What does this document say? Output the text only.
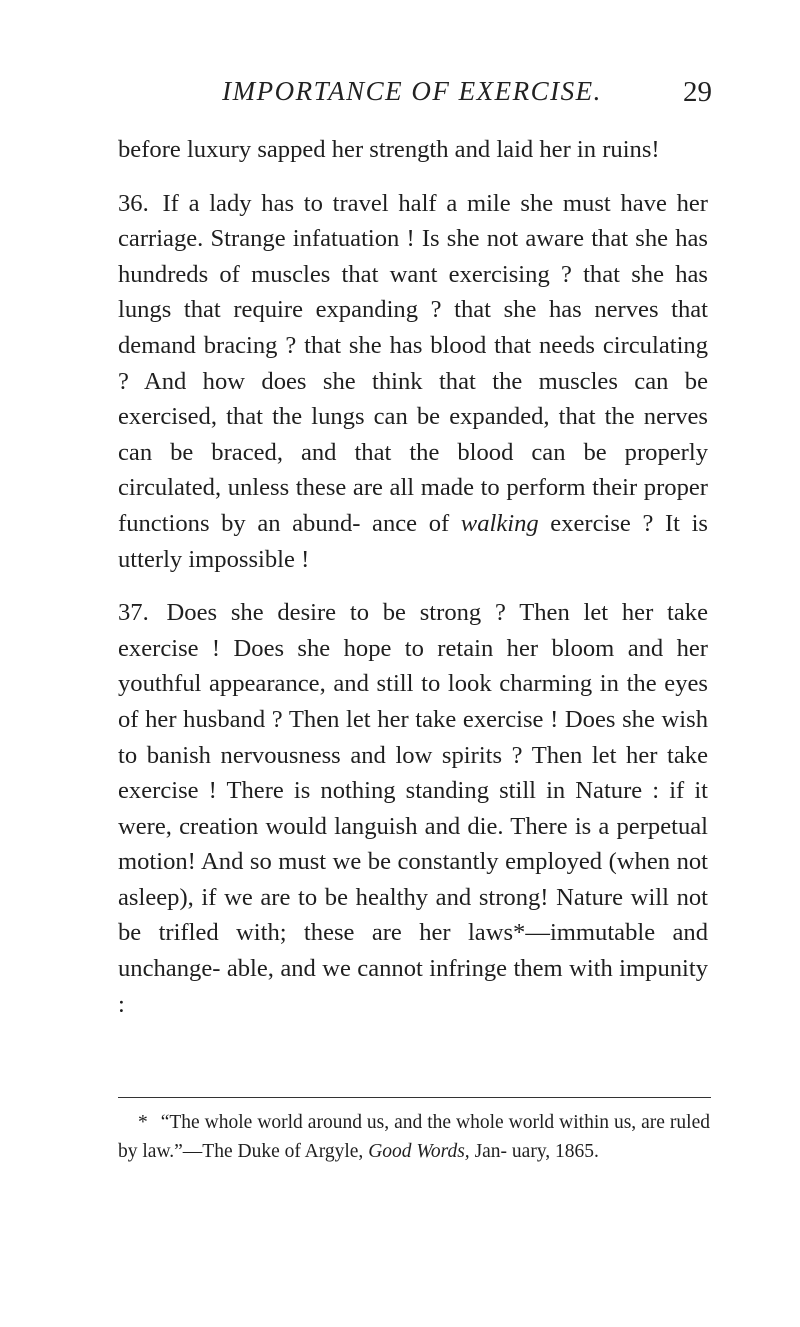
IMPORTANCE OF EXERCISE.	29

before luxury sapped her strength and laid her in ruins!

36. If a lady has to travel half a mile she must have her carriage. Strange infatuation ! Is she not aware that she has hundreds of muscles that want exercising ? that she has lungs that require expanding ? that she has nerves that demand bracing ? that she has blood that needs circulating ? And how does she think that the muscles can be exercised, that the lungs can be expanded, that the nerves can be braced, and that the blood can be properly circulated, unless these are all made to perform their proper functions by an abund- ance of walking exercise ? It is utterly impossible !

37. Does she desire to be strong ? Then let her take exercise ! Does she hope to retain her bloom and her youthful appearance, and still to look charming in the eyes of her husband ? Then let her take exercise ! Does she wish to banish nervousness and low spirits ? Then let her take exercise ! There is nothing standing still in Nature : if it were, creation would languish and die. There is a perpetual motion! And so must we be constantly employed (when not asleep), if we are to be healthy and strong! Nature will not be trifled with; these are her laws*—immutable and unchange- able, and we cannot infringe them with impunity :

* “The whole world around us, and the whole world within us, are ruled by law.”—The Duke of Argyle, Good Words, Jan- uary, 1865.
